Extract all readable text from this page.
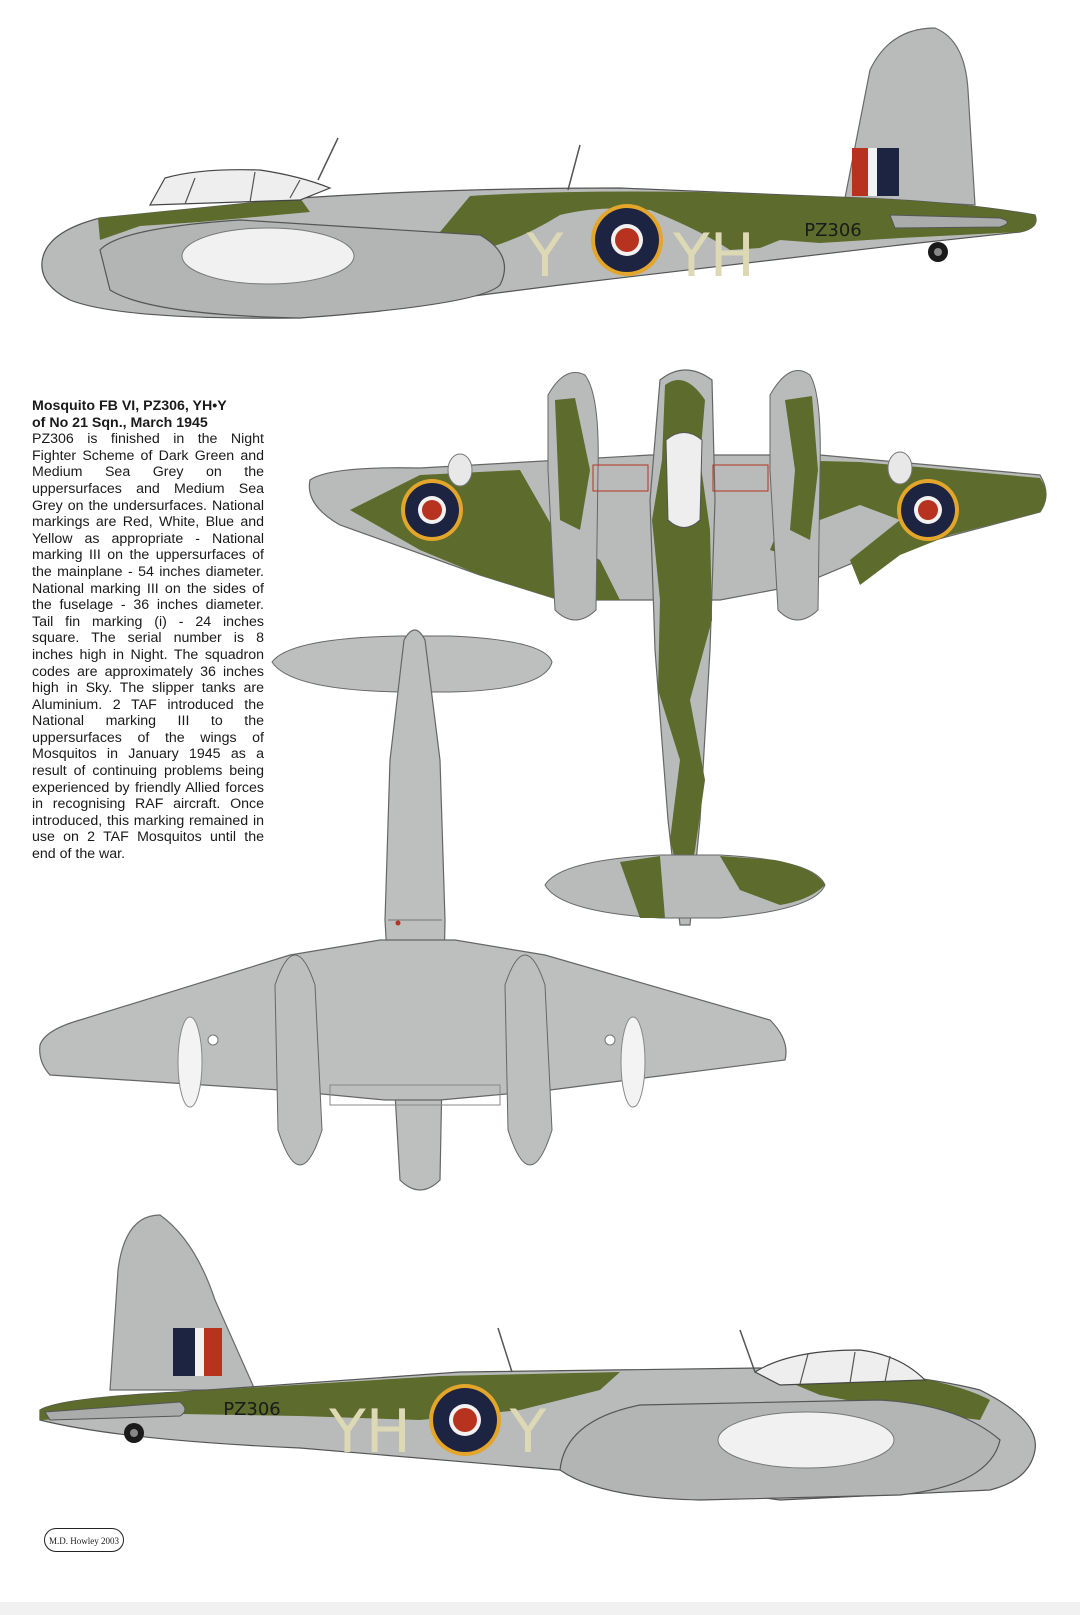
Y YH	PZ306
YH Y
PZ306

Mosquito FB VI, PZ306, YH•Y

of No 21 Sqn., March 1945

PZ306 is finished in the Night Fighter Scheme of Dark Green and Medium Sea Grey on the uppersurfaces and Medium Sea Grey on the undersurfaces. National markings are Red, White, Blue and Yellow as appropriate - National marking III on the uppersurfaces of the mainplane - 54 inches diameter. National marking III on the sides of the fuselage - 36 inches diameter. Tail fin marking (i) - 24 inches square. The serial number is 8 inches high in Night. The squadron codes are approximately 36 inches high in Sky. The slipper tanks are Aluminium. 2 TAF introduced the National marking III to the uppersurfaces of the wings of Mosquitos in January 1945 as a result of continuing problems being experienced by friendly Allied forces in recognising RAF aircraft. Once introduced, this marking remained in use on 2 TAF Mosquitos until the end of the war.

M.D. Howley 2003
